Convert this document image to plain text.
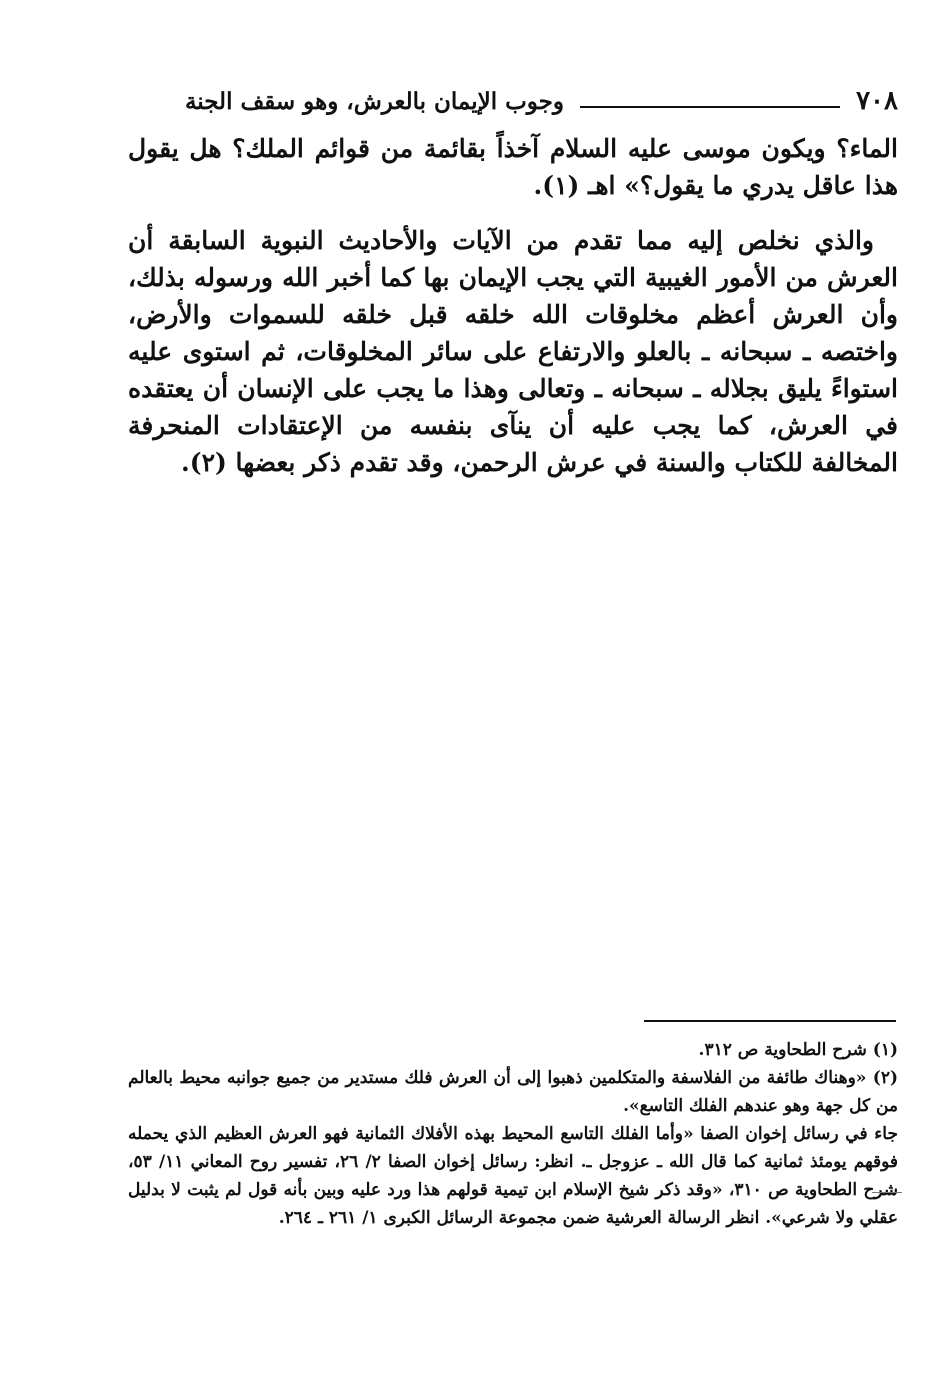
٧٠٨
وجوب الإيمان بالعرش، وهو سقف الجنة

الماء؟ ويكون موسى عليه السلام آخذاً بقائمة من قوائم الملك؟ هل يقول هذا عاقل يدري ما يقول؟» اهـ (١).

والذي نخلص إليه مما تقدم من الآيات والأحاديث النبوية السابقة أن العرش من الأمور الغيبية التي يجب الإيمان بها كما أخبر الله ورسوله بذلك، وأن العرش أعظم مخلوقات الله خلقه قبل خلقه للسموات والأرض، واختصه ـ سبحانه ـ بالعلو والارتفاع على سائر المخلوقات، ثم استوى عليه استواءً يليق بجلاله ـ سبحانه ـ وتعالى وهذا ما يجب على الإنسان أن يعتقده في العرش، كما يجب عليه أن ينآى بنفسه من الإعتقادات المنحرفة المخالفة للكتاب والسنة في عرش الرحمن، وقد تقدم ذكر بعضها (٢).

(١) شرح الطحاوية ص ٣١٢.

(٢) «وهناك طائفة من الفلاسفة والمتكلمين ذهبوا إلى أن العرش فلك مستدير من جميع جوانبه محيط بالعالم من كل جهة وهو عندهم الفلك التاسع».

جاء في رسائل إخوان الصفا «وأما الفلك التاسع المحيط بهذه الأفلاك الثمانية فهو العرش العظيم الذي يحمله فوقهم يومئذ ثمانية كما قال الله ـ عزوجل ـ. انظر: رسائل إخوان الصفا ٢/ ٢٦، تفسير روح المعاني ١١/ ٥٣، شرح الطحاوية ص ٣١٠، «وقد ذكر شيخ الإسلام ابن تيمية قولهم هذا ورد عليه وبين بأنه قول لم يثبت لا بدليل عقلي ولا شرعي». انظر الرسالة العرشية ضمن مجموعة الرسائل الكبرى ١/ ٢٦١ ـ ٢٦٤.
